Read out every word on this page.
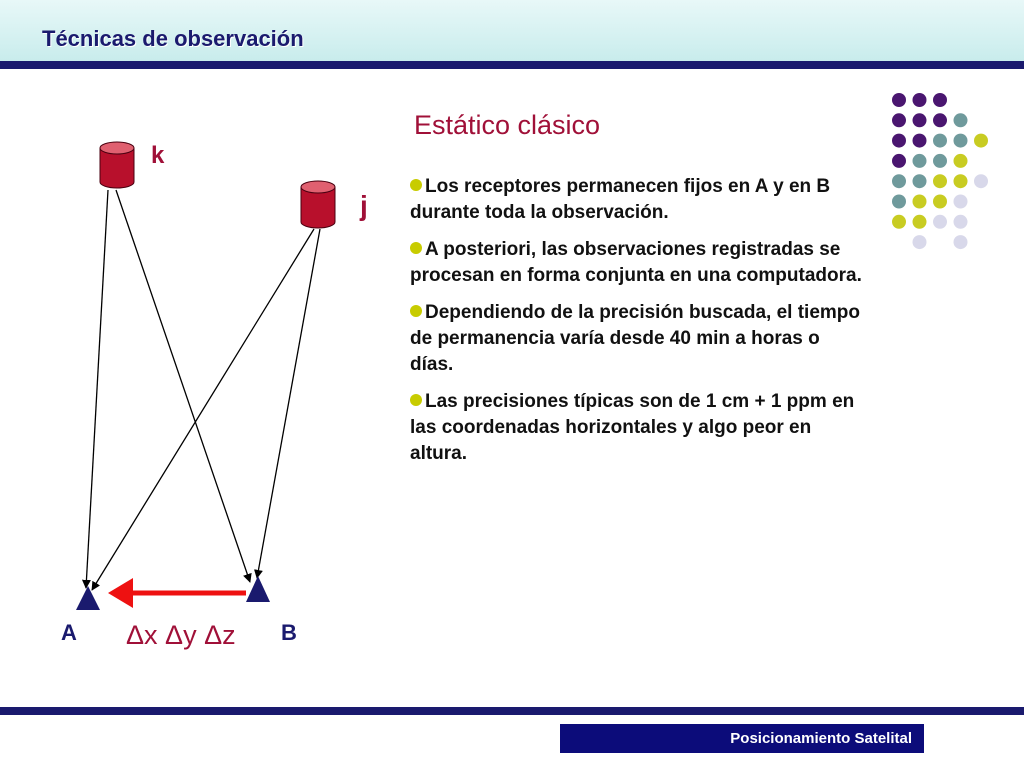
Técnicas de observación
k
j
A	B
Δx Δy Δz
Estático clásico
Los receptores permanecen fijos en A y en B durante toda la observación.
A posteriori, las observaciones registradas se procesan en forma conjunta en una computadora.
Dependiendo de la precisión buscada, el tiempo de permanencia varía desde 40 min a horas o días.
Las precisiones típicas son de 1 cm + 1 ppm en las coordenadas horizontales y algo peor en altura.
Posicionamiento Satelital
